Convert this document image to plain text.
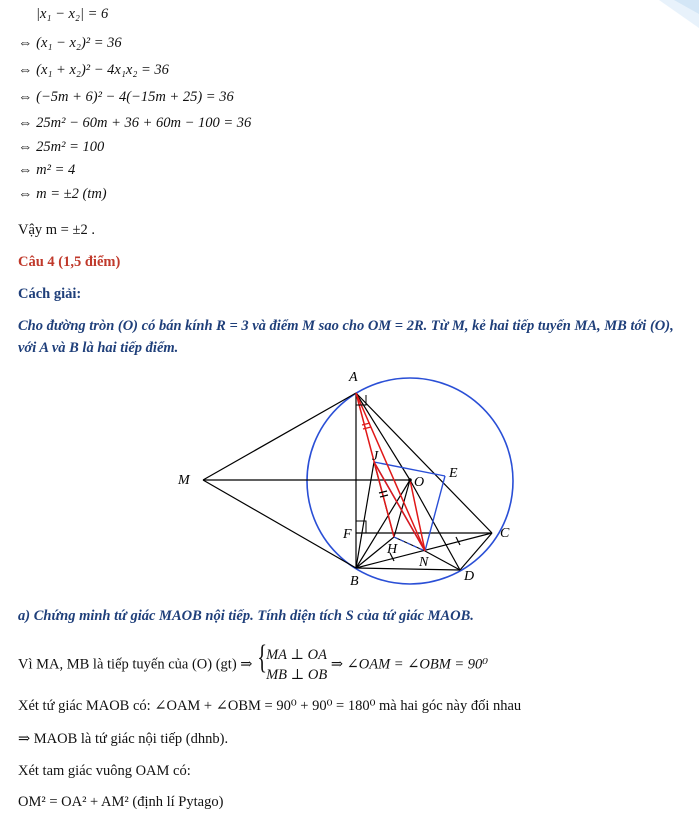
|x₁ − x₂| = 6
⇔ (x₁ − x₂)² = 36
⇔ (x₁ + x₂)² − 4x₁x₂ = 36
⇔ (−5m + 6)² − 4(−15m + 25) = 36
⇔ 25m² − 60m + 36 + 60m − 100 = 36
⇔ 25m² = 100
⇔ m² = 4
⇔ m = ±2 (tm)
Vậy m = ±2 .
Câu 4 (1,5 điểm)
Cách giải:
Cho đường tròn (O) có bán kính R = 3 và điểm M sao cho OM = 2R. Từ M, kẻ hai tiếp tuyến MA, MB tới (O),
với A và B là hai tiếp điểm.
A
M
J
O
E
F
H
C
N
D
B
a) Chứng minh tứ giác MAOB nội tiếp. Tính diện tích S của tứ giác MAOB.
Vì MA, MB là tiếp tuyến của (O) (gt) ⇒ {
MA ⊥ OA
MB ⊥ OB
⇒ ∠OAM = ∠OBM = 90⁰
Xét tứ giác MAOB có: ∠OAM + ∠OBM = 90⁰ + 90⁰ = 180⁰ mà hai góc này đối nhau
⇒ MAOB là tứ giác nội tiếp (dhnb).
Xét tam giác vuông OAM có:
OM² = OA² + AM² (định lí Pytago)
